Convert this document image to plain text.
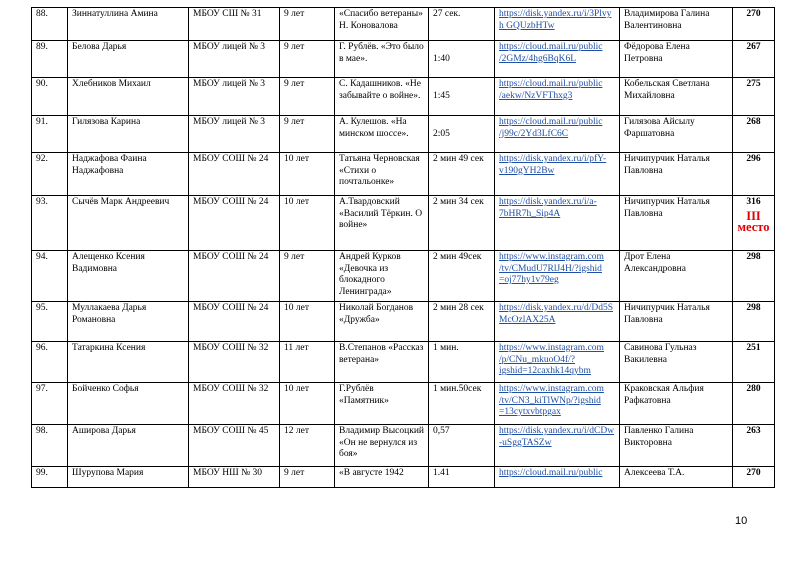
88.	Зиннатуллина Амина	МБОУ СШ № 31	9 лет	«Спасибо ветераны» Н. Коновалова	27 сек.	https://disk.yandex.ru/i/3Plvyh GQUzbHTw	Владимирова Галина Валентиновна	270
89.	Белова Дарья	МБОУ лицей № 3	9 лет	Г. Рублёв. «Это было в мае».	1:40	https://cloud.mail.ru/public /2GMz/4hg6BqK6L	Фёдорова Елена Петровна	267
90.	Хлебников Михаил	МБОУ лицей № 3	9 лет	С. Кадашников. «Не забывайте о войне».	1:45	https://cloud.mail.ru/public /aekw/NzVFThxg3	Кобельская Светлана Михайловна	275
91.	Гилязова Карина	МБОУ лицей № 3	9 лет	А. Кулешов. «На минском шоссе».	2:05	https://cloud.mail.ru/public /j99c/2Yd3LfC6C	Гилязова Айсылу Фаршатовна	268
92.	Наджафова Фаина Наджафовна	МБОУ СОШ № 24	10 лет	Татьяна Черновская «Стихи о почтальонке»	2 мин 49 сек	https://disk.yandex.ru/i/pfY-v190gYH2Bw	Ничипурчик Наталья Павловна	296
93.	Сычёв Марк Андреевич	МБОУ СОШ № 24	10 лет	А.Твардовский «Василий Тёркин. О войне»	2 мин 34 сек	https://disk.yandex.ru/i/a-7bHR7h_Sip4A	Ничипурчик Наталья Павловна	316
III место

94.	Алещенко Ксения Вадимовна	МБОУ СОШ № 24	9 лет	Андрей Курков «Девочка из блокадного Ленинграда»	2 мин 49сек	https://www.instagram.com /tv/CMudU7RlJ4H/?igshid =oj77hy1v79eg	Дрот Елена Александровна	298
95.	Муллакаева Дарья Романовна	МБОУ СОШ № 24	10 лет	Николай Богданов «Дружба»	2 мин 28 сек	https://disk.yandex.ru/d/Dd5SMcOzlAX25A	Ничипурчик Наталья Павловна	298
96.	Татаркина Ксения	МБОУ СОШ № 32	11 лет	В.Степанов «Рассказ ветерана»	1 мин.	https://www.instagram.com /p/CNu_mkuoO4f/?igshid=12caxhk14qybm	Савинова Гульназ Вакилевна	251
97.	Бойченко Софья	МБОУ СОШ № 32	10 лет	Г.Рублёв «Памятник»	1 мин.50сек	https://www.instagram.com /tv/CN3_kiTlWNp/?igshid =13cytxvbtpgax	Краковская Альфия Рафкатовна	280
98.	Аширова Дарья	МБОУ СОШ № 45	12 лет	Владимир Высоцкий «Он не вернулся из боя»	0,57	https://disk.yandex.ru/i/dCDw-uSggTASZw	Павленко Галина Викторовна	263
99.	Шурупова Мария	МБОУ НШ № 30	9 лет	«В августе 1942	1.41	https://cloud.mail.ru/public	Алексеева Т.А.	270
10
